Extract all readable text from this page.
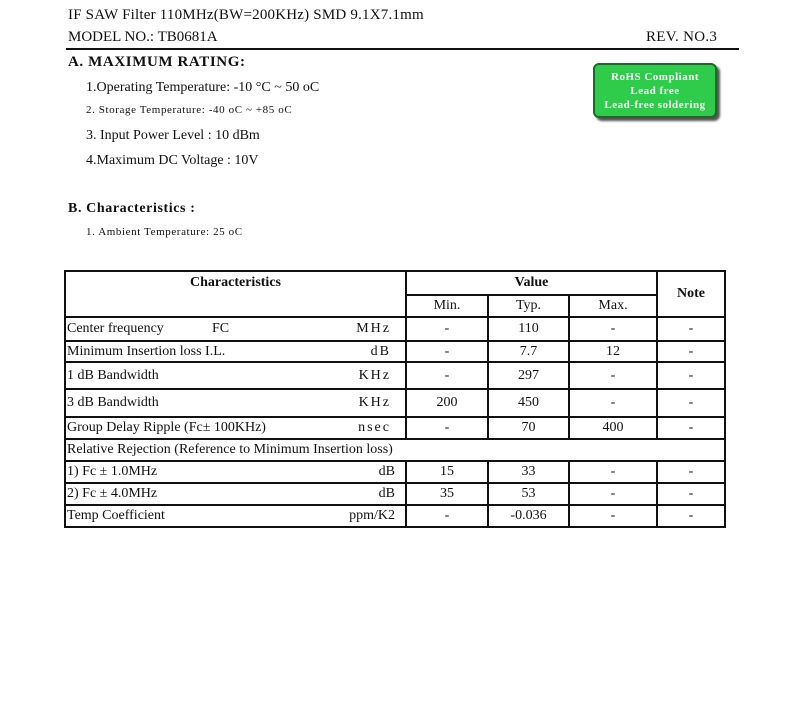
IF SAW Filter 110MHz(BW=200KHz) SMD 9.1X7.1mm
MODEL NO.: TB0681A	REV. NO.3
A. MAXIMUM RATING:
1.Operating Temperature: -10 °C ~ 50 oC
2. Storage Temperature: -40 oC ~ +85 oC
3. Input Power Level : 10 dBm
4.Maximum DC Voltage : 10V
RoHS Compliant
Lead free
Lead-free soldering
B. Characteristics :
1. Ambient Temperature: 25 oC
Characteristics	Value			Note
	Min.	Typ.	Max.	

Center frequency FC MHz	-	110	-	-

Minimum Insertion loss I.L. dB	-	7.7	12	-

1 dB Bandwidth KHz	-	297	-	-

3 dB Bandwidth KHz	200	450	-	-

Group Delay Ripple (Fc± 100KHz) nsec	-	70	400	-
Relative Rejection (Reference to Minimum Insertion loss)				

1) Fc ± 1.0MHz dB	15	33	-	-

2) Fc ± 4.0MHz dB	35	53	-	-

Temp Coefficient ppm/K2	-	-0.036	-	-
